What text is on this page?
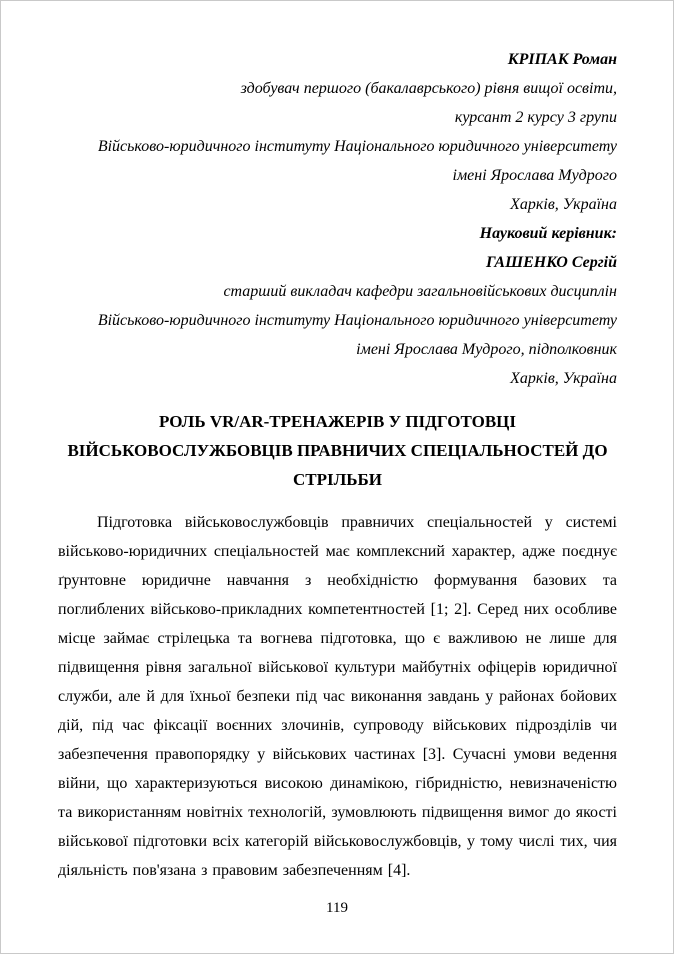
КРІПАК Роман
здобувач першого (бакалаврського) рівня вищої освіти,
курсант 2 курсу 3 групи
Військово-юридичного інституту Національного юридичного університету
імені Ярослава Мудрого
Харків, Україна
Науковий керівник:
ГАШЕНКО Сергій
старший викладач кафедри загальновійськових дисциплін
Військово-юридичного інституту Національного юридичного університету
імені Ярослава Мудрого, підполковник
Харків, Україна
РОЛЬ VR/AR-ТРЕНАЖЕРІВ У ПІДГОТОВЦІ
ВІЙСЬКОВОСЛУЖБОВЦІВ ПРАВНИЧИХ СПЕЦІАЛЬНОСТЕЙ ДО
СТРІЛЬБИ

Підготовка військовослужбовців правничих спеціальностей у системі військово-юридичних спеціальностей має комплексний характер, адже поєднує ґрунтовне юридичне навчання з необхідністю формування базових та поглиблених військово-прикладних компетентностей [1; 2]. Серед них особливе місце займає стрілецька та вогнева підготовка, що є важливою не лише для підвищення рівня загальної військової культури майбутніх офіцерів юридичної служби, але й для їхньої безпеки під час виконання завдань у районах бойових дій, під час фіксації воєнних злочинів, супроводу військових підрозділів чи забезпечення правопорядку у військових частинах [3]. Сучасні умови ведення війни, що характеризуються високою динамікою, гібридністю, невизначеністю та використанням новітніх технологій, зумовлюють підвищення вимог до якості військової підготовки всіх категорій військовослужбовців, у тому числі тих, чия діяльність пов'язана з правовим забезпеченням [4].

119
